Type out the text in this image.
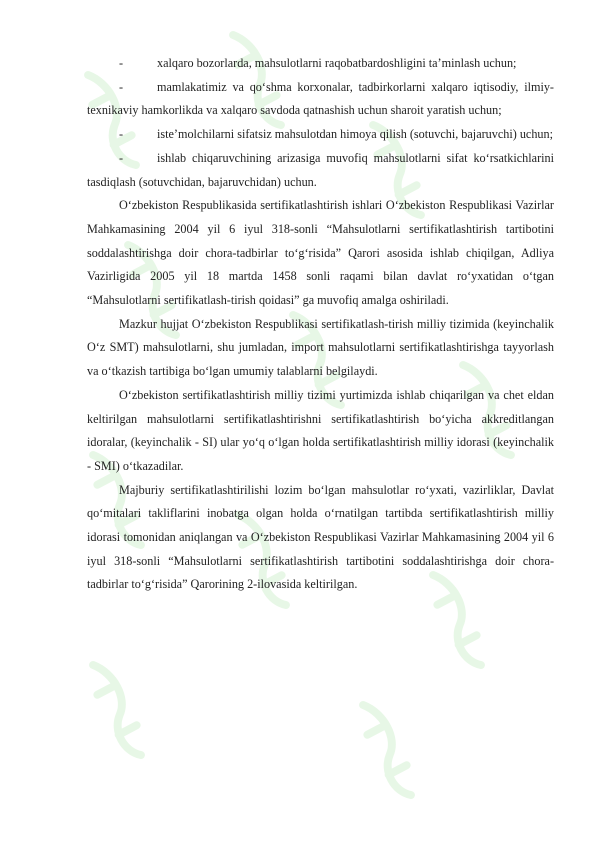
-	xalqaro bozorlarda, mahsulotlarni raqobatbardoshligini ta’minlash uchun;

-	mamlakatimiz va qo‘shma korxonalar, tadbirkorlarni xalqaro iqtisodiy, ilmiy-texnikaviy hamkorlikda va xalqaro savdoda qatnashish uchun sharoit yaratish uchun;

-	iste’molchilarni sifatsiz mahsulotdan himoya qilish (sotuvchi, bajaruvchi) uchun;

-	ishlab chiqaruvchining arizasiga muvofiq mahsulotlarni sifat ko‘rsatkichlarini tasdiqlash (sotuvchidan, bajaruvchidan) uchun.

O‘zbekiston Respublikasida sertifikatlashtirish ishlari O‘zbekiston Respublikasi Vazirlar Mahkamasining 2004 yil 6 iyul 318-sonli “Mahsulotlarni sertifikatlashtirish tartibotini soddalashtirishga doir chora-tadbirlar to‘g‘risida” Qarori asosida ishlab chiqilgan, Adliya Vazirligida 2005 yil 18 martda 1458 sonli raqami bilan davlat ro‘yxatidan o‘tgan “Mahsulotlarni sertifikatlash-tirish qoidasi” ga muvofiq amalga oshiriladi.

Mazkur hujjat O‘zbekiston Respublikasi sertifikatlash-tirish milliy tizimida (keyinchalik O‘z SMT) mahsulotlarni, shu jumladan, import mahsulotlarni sertifikatlashtirishga tayyorlash va o‘tkazish tartibiga bo‘lgan umumiy talablarni belgilaydi.

O‘zbekiston sertifikatlashtirish milliy tizimi yurtimizda ishlab chiqarilgan va chet eldan keltirilgan mahsulotlarni sertifikatlashtirishni sertifikatlashtirish bo‘yicha akkreditlangan idoralar, (keyinchalik - SI) ular yo‘q o‘lgan holda sertifikatlashtirish milliy idorasi (keyinchalik - SMI) o‘tkazadilar.

Majburiy sertifikatlashtirilishi lozim bo‘lgan mahsulotlar ro‘yxati, vazirliklar, Davlat qo‘mitalari takliflarini inobatga olgan holda o‘rnatilgan tartibda sertifikatlashtirish milliy idorasi tomonidan aniqlangan va O‘zbekiston Respublikasi Vazirlar Mahkamasining 2004 yil 6 iyul 318-sonli “Mahsulotlarni sertifikatlashtirish tartibotini soddalashtirishga doir chora-tadbirlar to‘g‘risida” Qarorining 2-ilovasida keltirilgan.
